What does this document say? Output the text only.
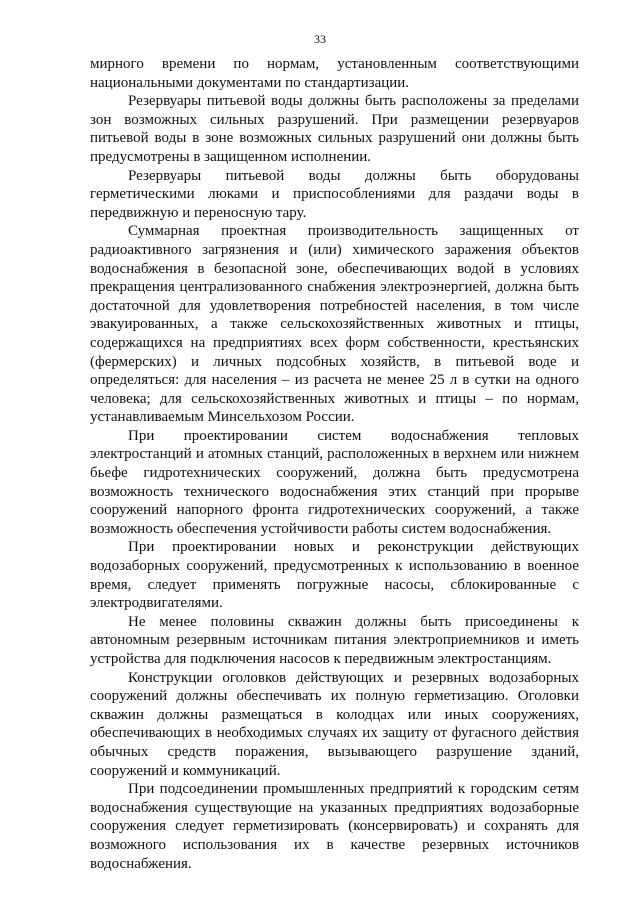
33

мирного времени по нормам, установленным соответствующими национальными документами по стандартизации.

Резервуары питьевой воды должны быть расположены за пределами зон возможных сильных разрушений. При размещении резервуаров питьевой воды в зоне возможных сильных разрушений они должны быть предусмотрены в защищенном исполнении.

Резервуары питьевой воды должны быть оборудованы герметическими люками и приспособлениями для раздачи воды в передвижную и переносную тару.

Суммарная проектная производительность защищенных от радиоактивного загрязнения и (или) химического заражения объектов водоснабжения в безопасной зоне, обеспечивающих водой в условиях прекращения централизованного снабжения электроэнергией, должна быть достаточной для удовлетворения потребностей населения, в том числе эвакуированных, а также сельскохозяйственных животных и птицы, содержащихся на предприятиях всех форм собственности, крестьянских (фермерских) и личных подсобных хозяйств, в питьевой воде и определяться: для населения – из расчета не менее 25 л в сутки на одного человека; для сельскохозяйственных животных и птицы – по нормам, устанавливаемым Минсельхозом России.

При проектировании систем водоснабжения тепловых электростанций и атомных станций, расположенных в верхнем или нижнем бьефе гидротехнических сооружений, должна быть предусмотрена возможность технического водоснабжения этих станций при прорыве сооружений напорного фронта гидротехнических сооружений, а также возможность обеспечения устойчивости работы систем водоснабжения.

При проектировании новых и реконструкции действующих водозаборных сооружений, предусмотренных к использованию в военное время, следует применять погружные насосы, сблокированные с электродвигателями.

Не менее половины скважин должны быть присоединены к автономным резервным источникам питания электроприемников и иметь устройства для подключения насосов к передвижным электростанциям.

Конструкции оголовков действующих и резервных водозаборных сооружений должны обеспечивать их полную герметизацию. Оголовки скважин должны размещаться в колодцах или иных сооружениях, обеспечивающих в необходимых случаях их защиту от фугасного действия обычных средств поражения, вызывающего разрушение зданий, сооружений и коммуникаций.

При подсоединении промышленных предприятий к городским сетям водоснабжения существующие на указанных предприятиях водозаборные сооружения следует герметизировать (консервировать) и сохранять для возможного использования их в качестве резервных источников водоснабжения.
